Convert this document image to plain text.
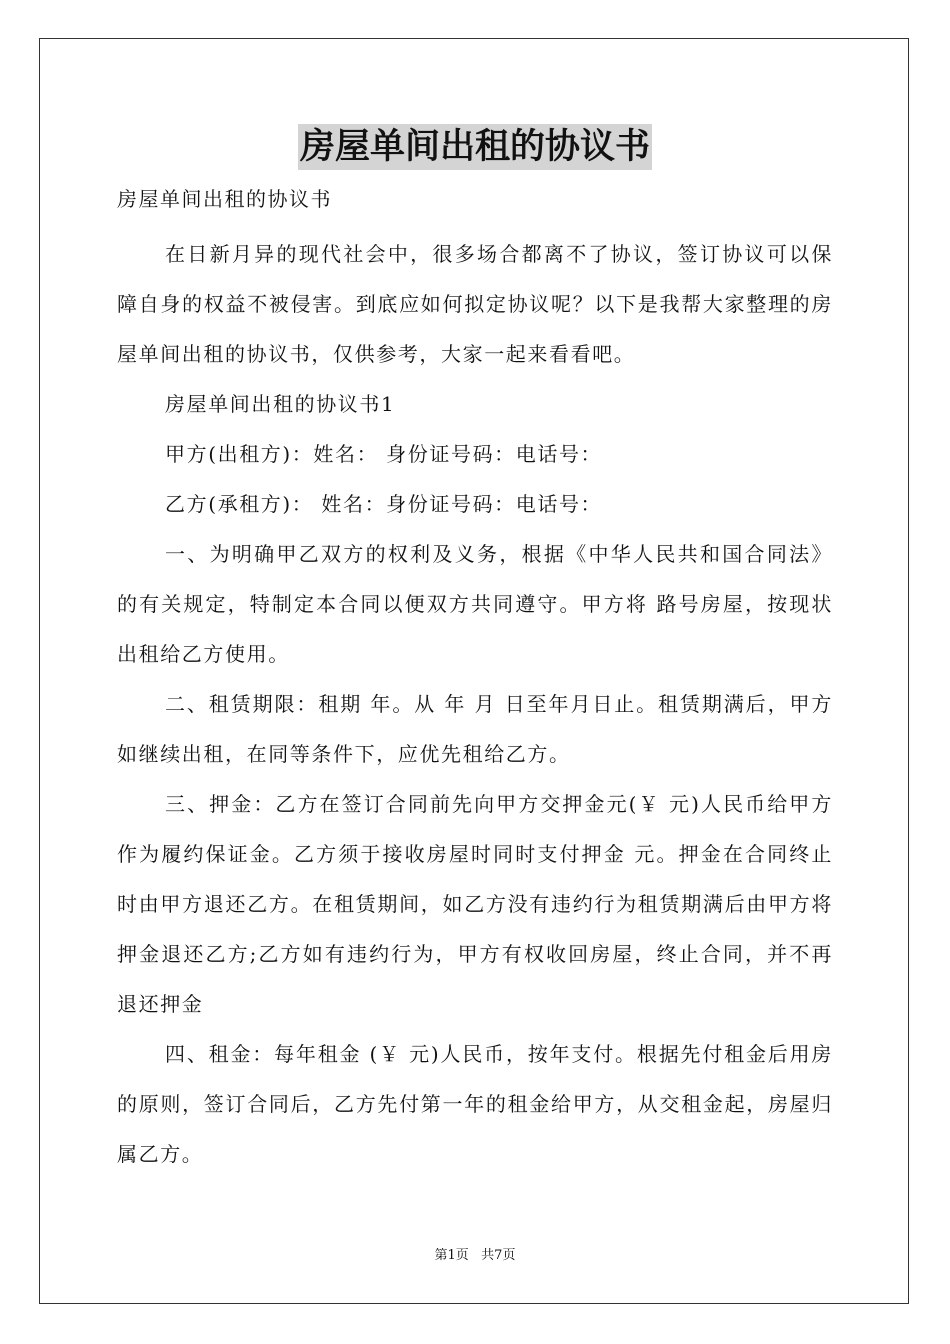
房屋单间出租的协议书
房屋单间出租的协议书

在日新月异的现代社会中，很多场合都离不了协议，签订协议可以保障自身的权益不被侵害。到底应如何拟定协议呢？以下是我帮大家整理的房屋单间出租的协议书，仅供参考，大家一起来看看吧。

房屋单间出租的协议书1

甲方(出租方)：姓名： 身份证号码：电话号：

乙方(承租方)： 姓名：身份证号码：电话号：

一、为明确甲乙双方的权利及义务，根据《中华人民共和国合同法》的有关规定，特制定本合同以便双方共同遵守。甲方将 路号房屋，按现状出租给乙方使用。

二、租赁期限：租期 年。从 年 月 日至年月日止。租赁期满后，甲方如继续出租，在同等条件下，应优先租给乙方。

三、押金：乙方在签订合同前先向甲方交押金元(￥ 元)人民币给甲方作为履约保证金。乙方须于接收房屋时同时支付押金 元。押金在合同终止时由甲方退还乙方。在租赁期间，如乙方没有违约行为租赁期满后由甲方将押金退还乙方;乙方如有违约行为，甲方有权收回房屋，终止合同，并不再退还押金

四、租金：每年租金 (￥ 元)人民币，按年支付。根据先付租金后用房的原则，签订合同后，乙方先付第一年的租金给甲方，从交租金起，房屋归属乙方。

第1页   共7页
